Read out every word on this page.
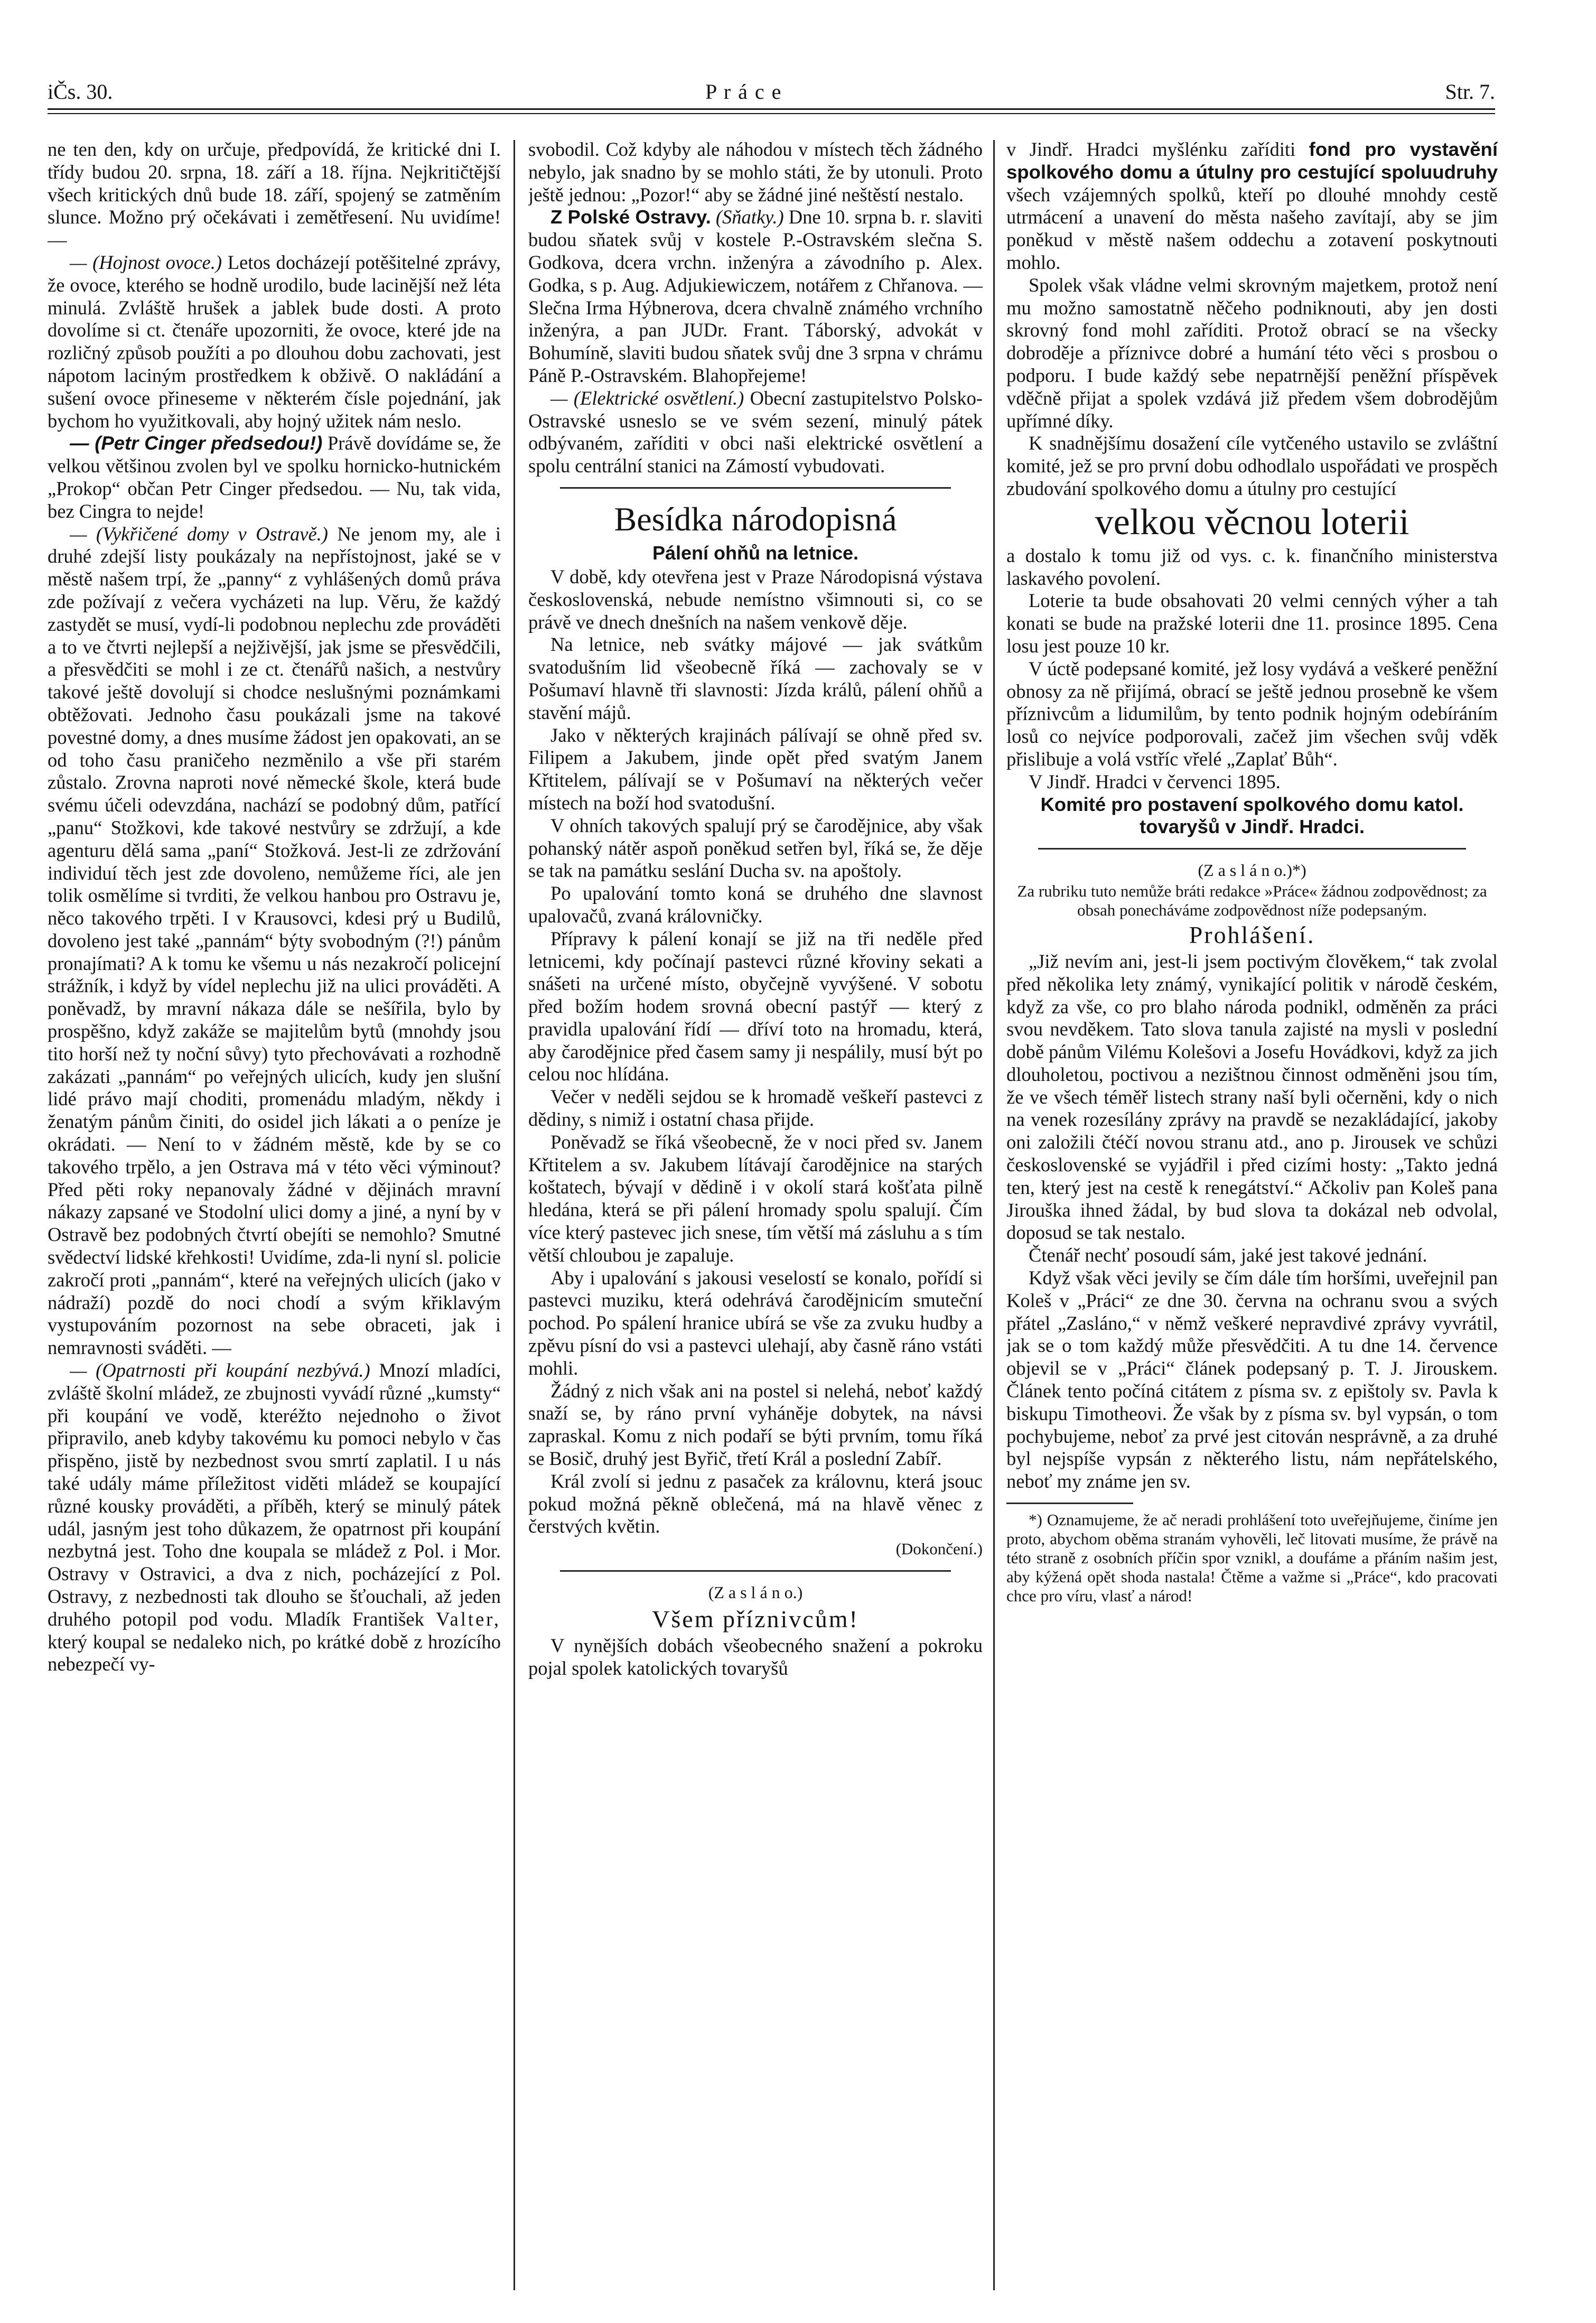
iČs. 30.	P r á c e	Str. 7.

ne ten den, kdy on určuje, předpovídá, že kritické dni I. třídy budou 20. srpna, 18. září a 18. října. Nejkritičtější všech kritických dnů bude 18. září, spojený se zatměním slunce. Možno prý očekávati i zemětřesení. Nu uvidíme! —

— (Hojnost ovoce.) Letos docházejí potěšitelné zprávy, že ovoce, kterého se hodně urodilo, bude lacinější než léta minulá. Zvláště hrušek a jablek bude dosti. A proto dovolíme si ct. čtenáře upozorniti, že ovoce, které jde na rozličný způsob použíti a po dlouhou dobu zachovati, jest nápotom laciným prostředkem k obživě. O nakládání a sušení ovoce přineseme v některém čísle pojednání, jak bychom ho využitkovali, aby hojný užitek nám neslo.

— (Petr Cinger předsedou!) Právě dovídáme se, že velkou většinou zvolen byl ve spolku hornicko-hutnickém „Prokop“ občan Petr Cinger předsedou. — Nu, tak vida, bez Cingra to nejde!

— (Vykřičené domy v Ostravě.) Ne jenom my, ale i druhé zdejší listy poukázaly na nepřístojnost, jaké se v městě našem trpí, že „panny“ z vyhlášených domů práva zde požívají z večera vycházeti na lup. Věru, že každý zastydět se musí, vydí-li podobnou neplechu zde prováděti a to ve čtvrti nejlepší a nejživější, jak jsme se přesvědčili, a přesvědčiti se mohl i ze ct. čtenářů našich, a nestvůry takové ještě dovolují si chodce neslušnými poznámkami obtěžovati. Jednoho času poukázali jsme na takové povestné domy, a dnes musíme žádost jen opakovati, an se od toho času praničeho nezměnilo a vše při starém zůstalo. Zrovna naproti nové německé škole, která bude svému účeli odevzdána, nachází se podobný dům, patřící „panu“ Stožkovi, kde takové nestvůry se zdržují, a kde agenturu dělá sama „paní“ Stožková. Jest-li ze zdržování individuí těch jest zde dovoleno, nemůžeme říci, ale jen tolik osmělíme si tvrditi, že velkou hanbou pro Ostravu je, něco takového trpěti. I v Krausovci, kdesi prý u Budilů, dovoleno jest také „pannám“ býty svobodným (?!) pánům pronajímati? A k tomu ke všemu u nás nezakročí policejní strážník, i když by vídel neplechu již na ulici prováděti. A poněvadž, by mravní nákaza dále se nešířila, bylo by prospěšno, když zakáže se majitelům bytů (mnohdy jsou tito horší než ty noční sůvy) tyto přechovávati a rozhodně zakázati „pannám“ po veřejných ulicích, kudy jen slušní lidé právo mají choditi, promenádu mladým, někdy i ženatým pánům činiti, do osidel jich lákati a o peníze je okrádati. — Není to v žádném městě, kde by se co takového trpělo, a jen Ostrava má v této věci výminout? Před pěti roky nepanovaly žádné v dějinách mravní nákazy zapsané ve Stodolní ulici domy a jiné, a nyní by v Ostravě bez podobných čtvrtí obejíti se nemohlo? Smutné svědectví lidské křehkosti! Uvidíme, zda-li nyní sl. policie zakročí proti „pannám“, které na veřejných ulicích (jako v nádraží) pozdě do noci chodí a svým křiklavým vystupováním pozornost na sebe obraceti, jak i nemravnosti sváděti. —

— (Opatrnosti při koupání nezbývá.) Mnozí mladíci, zvláště školní mládež, ze zbujnosti vyvádí různé „kumsty“ při koupání ve vodě, kteréžto nejednoho o život připravilo, aneb kdyby takovému ku pomoci nebylo v čas přispěno, jistě by nezbednost svou smrtí zaplatil. I u nás také udály máme příležitost viděti mládež se koupající různé kousky prováděti, a příběh, který se minulý pátek udál, jasným jest toho důkazem, že opatrnost při koupání nezbytná jest. Toho dne koupala se mládež z Pol. i Mor. Ostravy v Ostravici, a dva z nich, pocházející z Pol. Ostravy, z nezbednosti tak dlouho se šťouchali, až jeden druhého potopil pod vodu. Mladík František Valter, který koupal se nedaleko nich, po krátké době z hrozícího nebezpečí vy-

svobodil. Což kdyby ale náhodou v místech těch žádného nebylo, jak snadno by se mohlo státi, že by utonuli. Proto ještě jednou: „Pozor!“ aby se žádné jiné neštěstí nestalo.

Z Polské Ostravy. (Sňatky.) Dne 10. srpna b. r. slaviti budou sňatek svůj v kostele P.-Ostravském slečna S. Godkova, dcera vrchn. inženýra a závodního p. Alex. Godka, s p. Aug. Adjukiewiczem, notářem z Chřanova. — Slečna Irma Hýbnerova, dcera chvalně známého vrchního inženýra, a pan JUDr. Frant. Táborský, advokát v Bohumíně, slaviti budou sňatek svůj dne 3 srpna v chrámu Páně P.-Ostravském. Blahopřejeme!

— (Elektrické osvětlení.) Obecní zastupitelstvo Polsko-Ostravské usneslo se ve svém sezení, minulý pátek odbývaném, zaříditi v obci naši elektrické osvětlení a spolu centrální stanici na Zámostí vybudovati.

Besídka národopisná

Pálení ohňů na letnice.

V době, kdy otevřena jest v Praze Národopisná výstava československá, nebude nemístno všimnouti si, co se právě ve dnech dnešních na našem venkově děje.

Na letnice, neb svátky májové — jak svátkům svatodušním lid všeobecně říká — zachovaly se v Pošumaví hlavně tři slavnosti: Jízda králů, pálení ohňů a stavění májů.

Jako v některých krajinách pálívají se ohně před sv. Filipem a Jakubem, jinde opět před svatým Janem Křtitelem, pálívají se v Pošumaví na některých večer místech na boží hod svatodušní.

V ohních takových spalují prý se čarodějnice, aby však pohanský nátěr aspoň poněkud setřen byl, říká se, že děje se tak na památku seslání Ducha sv. na apoštoly.

Po upalování tomto koná se druhého dne slavnost upalovačů, zvaná královničky.

Přípravy k pálení konají se již na tři neděle před letnicemi, kdy počínají pastevci různé křoviny sekati a snášeti na určené místo, obyčejně vyvýšené. V sobotu před božím hodem srovná obecní pastýř — který z pravidla upalování řídí — dříví toto na hromadu, která, aby čarodějnice před časem samy ji nespálily, musí být po celou noc hlídána.

Večer v neděli sejdou se k hromadě veškeří pastevci z dědiny, s nimiž i ostatní chasa přijde.

Poněvadž se říká všeobecně, že v noci před sv. Janem Křtitelem a sv. Jakubem lítávají čarodějnice na starých koštatech, bývají v dědině i v okolí stará košťata pilně hledána, která se při pálení hromady spolu spalují. Čím více který pastevec jich snese, tím větší má zásluhu a s tím větší chloubou je zapaluje.

Aby i upalování s jakousi veselostí se konalo, pořídí si pastevci muziku, která odehrává čarodějnicím smuteční pochod. Po spálení hranice ubírá se vše za zvuku hudby a zpěvu písní do vsi a pastevci ulehají, aby časně ráno vstáti mohli.

Žádný z nich však ani na postel si nelehá, neboť každý snaží se, by ráno první vyháněje dobytek, na návsi zapraskal. Komu z nich podaří se býti prvním, tomu říká se Bosič, druhý jest Byřič, třetí Král a poslední Zabíř.

Král zvolí si jednu z pasaček za královnu, která jsouc pokud možná pěkně oblečená, má na hlavě věnec z čerstvých květin.

(Dokončení.)

(Z a s l á n o.)

Všem příznivcům!

V nynějších dobách všeobecného snažení a pokroku pojal spolek katolických tovaryšů

v Jindř. Hradci myšlénku zaříditi fond pro vystavění spolkového domu a útulny pro cestující spoluudruhy všech vzájemných spolků, kteří po dlouhé mnohdy cestě utrmácení a unavení do města našeho zavítají, aby se jim poněkud v městě našem oddechu a zotavení poskytnouti mohlo.

Spolek však vládne velmi skrovným majetkem, protož není mu možno samostatně něčeho podniknouti, aby jen dosti skrovný fond mohl zaříditi. Protož obrací se na všecky dobroděje a příznivce dobré a humání této věci s prosbou o podporu. I bude každý sebe nepatrnější peněžní příspěvek vděčně přijat a spolek vzdává již předem všem dobrodějům upřímné díky.

K snadnějšímu dosažení cíle vytčeného ustavilo se zvláštní komité, jež se pro první dobu odhodlalo uspořádati ve prospěch zbudování spolkového domu a útulny pro cestující

velkou věcnou loterii

a dostalo k tomu již od vys. c. k. finančního ministerstva laskavého povolení.

Loterie ta bude obsahovati 20 velmi cenných výher a tah konati se bude na pražské loterii dne 11. prosince 1895. Cena losu jest pouze 10 kr.

V úctě podepsané komité, jež losy vydává a veškeré peněžní obnosy za ně přijímá, obrací se ještě jednou prosebně ke všem příznivcům a lidumilům, by tento podnik hojným odebíráním losů co nejvíce podporovali, začež jim všechen svůj vděk přislibuje a volá vstříc vřelé „Zaplať Bůh“.

V Jindř. Hradci v červenci 1895.

Komité pro postavení spolkového domu katol. tovaryšů v Jindř. Hradci.

(Z a s l á n o.)*)

Za rubriku tuto nemůže bráti redakce »Práce« žádnou zodpovědnost; za obsah ponecháváme zodpovědnost níže podepsaným.

Prohlášení.

„Již nevím ani, jest-li jsem poctivým člověkem,“ tak zvolal před několika lety známý, vynikající politik v národě českém, když za vše, co pro blaho národa podnikl, odměněn za práci svou nevděkem. Tato slova tanula zajisté na mysli v poslední době pánům Vilému Kolešovi a Josefu Hovádkovi, když za jich dlouholetou, poctivou a nezištnou činnost odměněni jsou tím, že ve všech téměř listech strany naší byli očerněni, kdy o nich na venek rozesílány zprávy na pravdě se nezakládající, jakoby oni založili čtéčí novou stranu atd., ano p. Jirousek ve schůzi československé se vyjádřil i před cizími hosty: „Takto jedná ten, který jest na cestě k renegátství.“ Ačkoliv pan Koleš pana Jirouška ihned žádal, by bud slova ta dokázal neb odvolal, doposud se tak nestalo.

Čtenář nechť posoudí sám, jaké jest takové jednání.

Když však věci jevily se čím dále tím horšími, uveřejnil pan Koleš v „Práci“ ze dne 30. června na ochranu svou a svých přátel „Zasláno,“ v němž veškeré nepravdivé zprávy vyvrátil, jak se o tom každý může přesvědčiti. A tu dne 14. července objevil se v „Práci“ článek podepsaný p. T. J. Jirouskem. Článek tento počíná citátem z písma sv. z epištoly sv. Pavla k biskupu Timotheovi. Že však by z písma sv. byl vypsán, o tom pochybujeme, neboť za prvé jest citován nesprávně, a za druhé byl nejspíše vypsán z některého listu, nám nepřátelského, neboť my známe jen sv.

*) Oznamujeme, že ač neradi prohlášení toto uveřejňujeme, činíme jen proto, abychom oběma stranám vyhověli, leč litovati musíme, že právě na této straně z osobních příčin spor vznikl, a doufáme a přáním našim jest, aby kýžená opět shoda nastala! Čtěme a važme si „Práce“, kdo pracovati chce pro víru, vlasť a národ!
